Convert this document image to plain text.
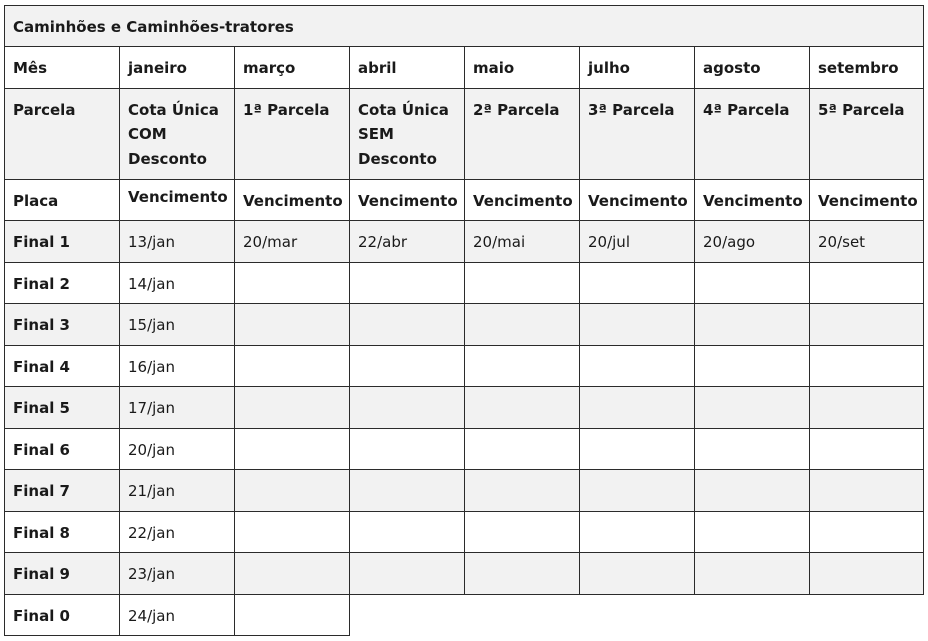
Caminhões e Caminhões-tratores							
Mês	janeiro	março	abril	maio	julho	agosto	setembro
Parcela	Cota Única COM Desconto	1ª Parcela	Cota Única SEM Desconto	2ª Parcela	3ª Parcela	4ª Parcela	5ª Parcela
Placa	Vencimento	Vencimento	Vencimento	Vencimento	Vencimento	Vencimento	Vencimento
Final 1	13/jan	20/mar	22/abr	20/mai	20/jul	20/ago	20/set
Final 2	14/jan						
Final 3	15/jan						
Final 4	16/jan						
Final 5	17/jan						
Final 6	20/jan						
Final 7	21/jan						
Final 8	22/jan						
Final 9	23/jan						
Final 0	24/jan						
